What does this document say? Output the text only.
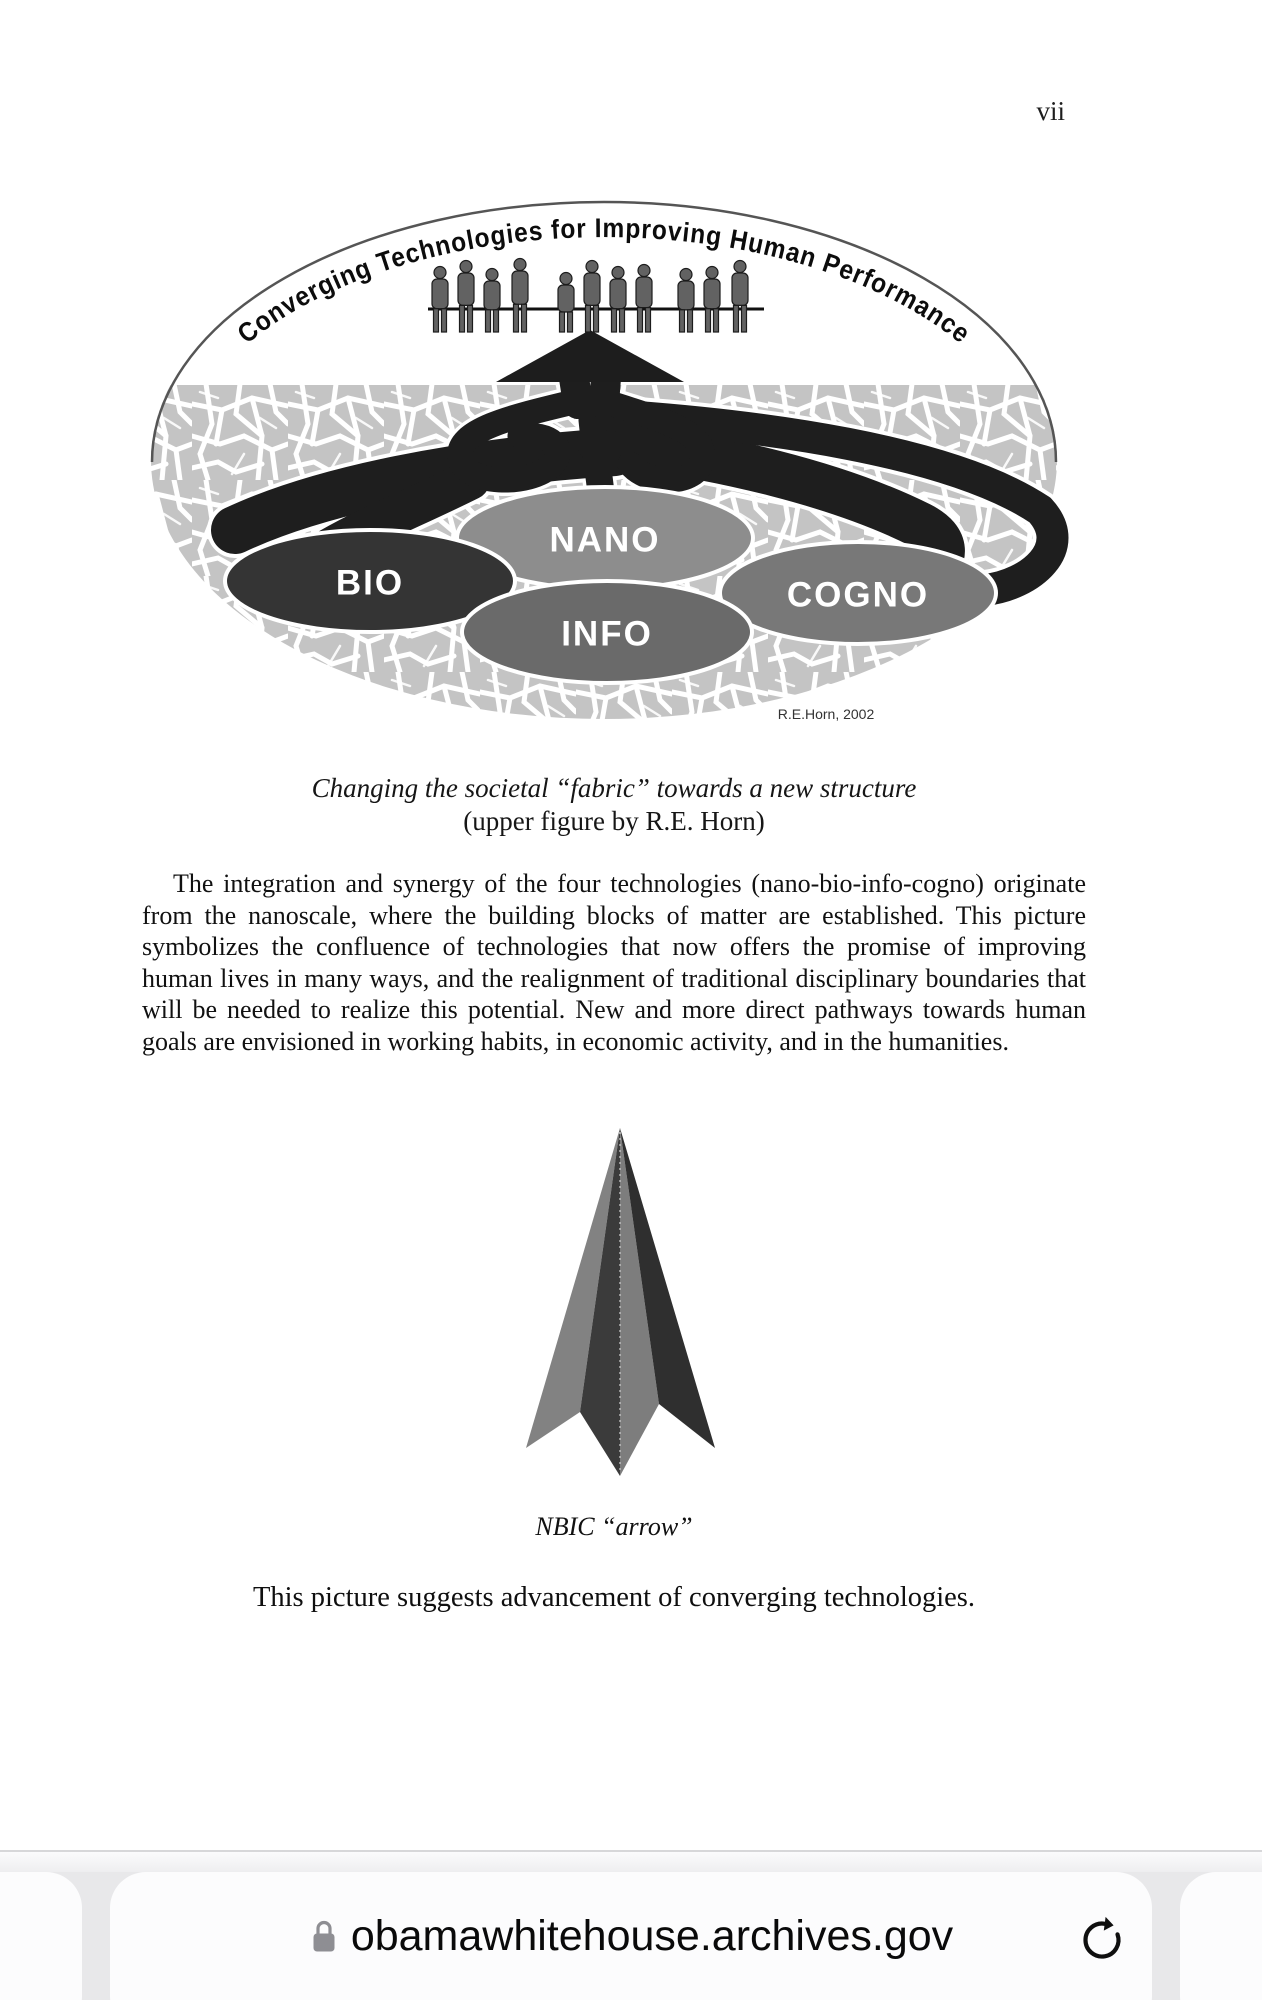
vii
Converging Technologies for Improving Human Performance
NANO
COGNO
BIO
INFO
R.E.Horn, 2002
Changing the societal “fabric” towards a new structure
(upper figure by R.E. Horn)

The integration and synergy of the four technologies (nano-bio-info-cogno) originate from the nanoscale, where the building blocks of matter are established. This picture symbolizes the confluence of technologies that now offers the promise of improving human lives in many ways, and the realignment of traditional disciplinary boundaries that will be needed to realize this potential. New and more direct pathways towards human goals are envisioned in working habits, in economic activity, and in the humanities.

NBIC “arrow”
This picture suggests advancement of converging technologies.
obamawhitehouse.archives.gov
